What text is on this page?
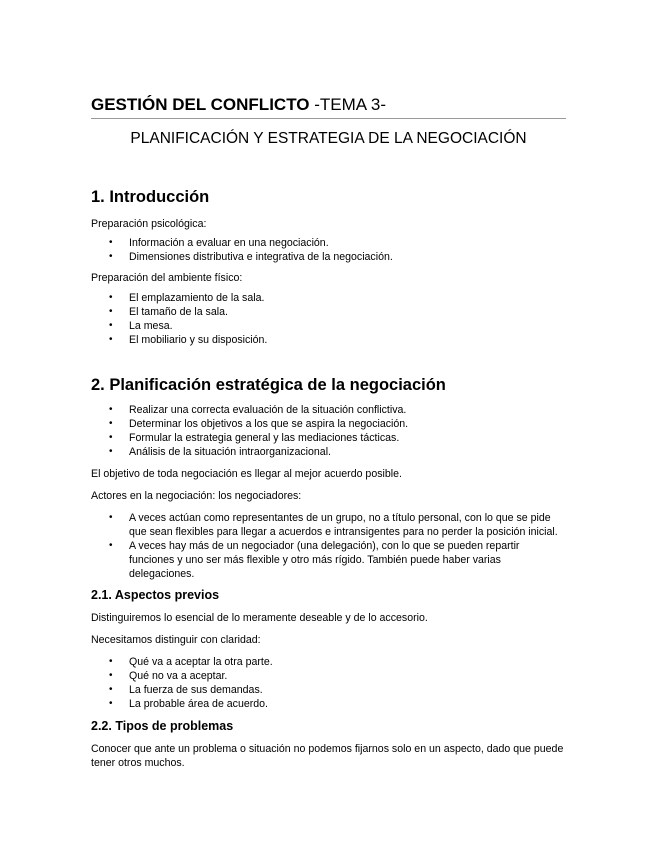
GESTIÓN DEL CONFLICTO -TEMA 3-
PLANIFICACIÓN Y ESTRATEGIA DE LA NEGOCIACIÓN
1. Introducción

Preparación psicológica:

• Información a evaluar en una negociación.
• Dimensiones distributiva e integrativa de la negociación.

Preparación del ambiente físico:

• El emplazamiento de la sala.
• El tamaño de la sala.
• La mesa.
• El mobiliario y su disposición.
2. Planificación estratégica de la negociación
• Realizar una correcta evaluación de la situación conflictiva.
• Determinar los objetivos a los que se aspira la negociación.
• Formular la estrategia general y las mediaciones tácticas.
• Análisis de la situación intraorganizacional.

El objetivo de toda negociación es llegar al mejor acuerdo posible.

Actores en la negociación: los negociadores:

• A veces actúan como representantes de un grupo, no a título personal, con lo que se pide que sean flexibles para llegar a acuerdos e intransigentes para no perder la posición inicial.
• A veces hay más de un negociador (una delegación), con lo que se pueden repartir funciones y uno ser más flexible y otro más rígido. También puede haber varias delegaciones.
2.1. Aspectos previos

Distinguiremos lo esencial de lo meramente deseable y de lo accesorio.

Necesitamos distinguir con claridad:

• Qué va a aceptar la otra parte.
• Qué no va a aceptar.
• La fuerza de sus demandas.
• La probable área de acuerdo.
2.2. Tipos de problemas

Conocer que ante un problema o situación no podemos fijarnos solo en un aspecto, dado que puede tener otros muchos.
